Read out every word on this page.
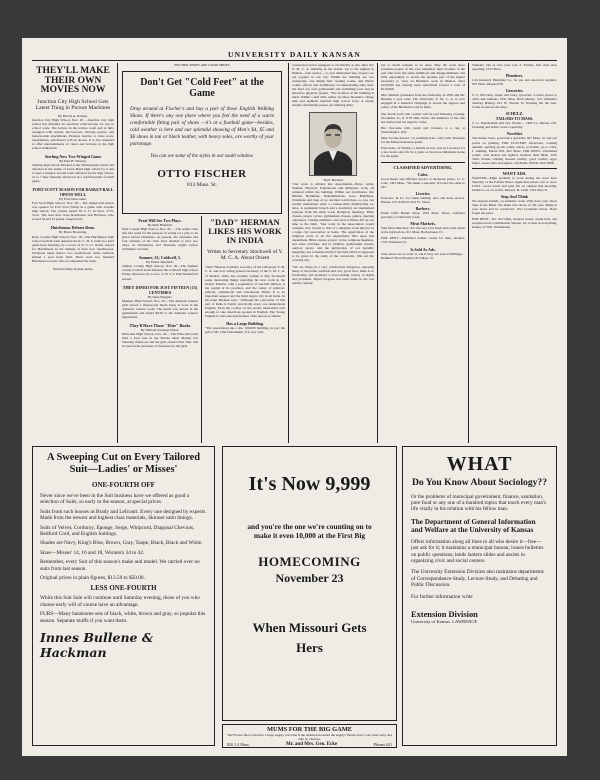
UNIVERSITY DAILY KANSAN
THEY'LL MAKE THEIR OWN MOVIES NOW
Junction City High School Gets Latest Thing in Picture Machines
By Harold A. Rohner.
Junction City High School, Nov. 20 —Junction City high school has installed an excellent reflectoscope for use in school work. The lecture in the lecture room and is fully equipped with textual, microscopic, moving picture, and lantern-slide attachments. Pictures relative to class work, experiments, and history will be shown. It is also intended to offer entertainments of views and lectures in the high school auditorium.
Sterling Now Two-Winged Game
By Paul H. Wiseley.
Sterling high school defeated at the Sterling high school and defeated at the hands of Great Bend high school by 0 and Cooper College's second team defeated Lyons high school, 21 to 7 here Saturday afternoon in a double-header football game.
FORT SCOTT SEASON FOR BASKET-BALL OPENS WELL
By Fred Newcomer.
Fort Scott High School, Nov. 28— The basket-ball season was opened for Fort Scott Friday in a game with Arcadia high school. The contest ended 56 to 17 in favor of Ft. Scott. The lead stars were Roadhouse and Harrison, who scored 32 and 25 points, respectively.
Hutchinson Defeats Reno.
By Bruce Browning.
Reno County High School, Nov. 18—The Hutchinson high school football team defeated the R. C. H. S. team in a hard game here Saturday, by a score of 27 to 17. Roller starred for Hutchinson in the making of their four touchdowns. Workouts made Reno's two touchdowns while Gibbons kicked a goal from field. There were two hundred Hutchinson rooters who accompanied the team.
Send the Daily Kansan home.
FISCHER SHOES ARE GOOD SHOES
Don't Get "Cold Feet" at the Game
Drop around at Fischer's and buy a pair of those English Walking Shoes. If there's any one place where you feel the need of a warm comfortable fitting pair of shoes —it's at a football game—besides, cold weather is here and our splendid showing of Men's $4, $5 and $6 shoes in tan or black leather, with heavy soles, are worthy of your patronage.
You can see some of the styles in our south window.
OTTO FISCHER
813 Mass. St.
Pratt Will See Two Plays.
By Ruth Banfield.
Pratt County High School, Nov. 20. —The senior class met last week for the purpose of voting on a play to be given before Christmas. At present, the chairman and four students of the class have decided to give two plays on Wednesday and Thursday nights before Christmas vacation.
Sumner, 33; Caldwell, 3.
By Esther Diesfeldt.
Sumner County High School, Nov. 20—The Sumner county football team defeated the Caldwell high school Friday afternoon by a score of 33 to 3. Paul Rutherford starred.
THEY DINED FOR JUST FIFTEEN (15) CENTIMES
By Irene Ruggles.
Mankato High School, Nov. 20— The domestic science girls served a fifteen-cent lunch today at noon in the domestic science room. The lunch was served in the gymnasium and netted $9.50 to the domestic science department.
They'll Have Those "Elsie" Books
By William Jennings Weber.
Ellsworth High School, Nov. 20— The Ellsworth Girls held a food sale in the Eureka Meat Market last Saturday afternoon and the girls cleared $10. This will be used in the purchase of literature for the girls.
"DAD" HERMAN LIKES HIS WORK IN INDIA
Writes to Secretary Stockwell of Y. M. C. A. About Orient
"Dad" Herman, formerly secretary of the University Y. M. C. A. and now acting general secretary of the Y. M. C. A. of Madras, India, has recently written to Ray Stockwell some interesting things regarding his new work in the Orient. Madras, with a population of one-half million, is the capital of its province, and the center of political, judicial, commercial and educational affairs. It is an important seaport and the third largest city in all India. In his letter Herman says, "Although the vernacular of this part of India is Tamil, practically every one understands English. Even the coolies on the streets understand well enough to take directions spoken in English. The Young English is well-educated Indians often puts us to shame.
Has a Large Building.
"The Association has a Rs. 100,000 building, in part the gift of Mr. John Wanamaker. It is very well
constructed and is equipped so excellently as any other city Y. M. C. A. building in the Orient. Up to the highest in Madras—four stories —so you understand sky scrapers are not popular in our city. Within the building are two restaurants, one dining hall, reading rooms, and library rooms, offices and dormitories accommodating sixty men. We have our own gymnasium and swimming pool and an attractive physical system. "The location of the building is ideal. Within a half mile radius are three thousand college men and eighteen hundred high school boys. A steady stream of humanity passes our building daily.
"Dad" Herman.
"Our work is divided into departments—Boys, Army, Student, Physical, Educational and Religious work, all centered within the building. Within our dormitories live Hindus, Brahmans, Mohammedans, Jews, Buddhists, Christians and men of no decided convictions, so you can readily understand what a cosmopolitan membership we have. A residential branch and a dormitory are maintained separate from the main work. Religious meetings, Bible classes, prayer cycles, gymnasium classes, games, meeting organizers, visiting members, and such activities fill up our time to the limit. "Our work in the Association would compare very closely to that of a religious work director in a large city association at home. The supervision of the religious work of all the departments falls upon this department. Bible classes, prayer cycles, religious meetings, and other activities, and in addition, gymnasium classes, outdoor sports, and the publication of our monthly magazine, not to mention half of the time which is supposed to be given in the study of the vernacular, fills out my working day.
"We are living in a very comfortable bungalow, enjoying many of the home comforts and very good food. India is so fascinating and promises a never-ending variety of sights and problems. Rapid progress has been made in the last quarter century.
but so much remains to be done. May the work more fortunate people of the west remember their brothers of the east who have the same ambitions and disappointments, but little opportunity to secure the greatest part of the higher necessary to carry on Herman's work in Madras. Over $150,000 has already been subscribed toward a total of $110,000.
Mrs. Herman graduated from the University in 1905 and Mr. Herman a year later. The University Y. M. C. A. is now engaged in a financial campaign to secure the support and salary of the Herman's work in India.
The Jewell Golf club cookies will be told Thursday evening, November 21, at 1155 Ohio Street. All members of the club are invited and are urged to come.
Hot chocolate with cream and crackers, to a cup, at Wiedemann's. Adv.
Miss Lucille Arnold, '13, Ashland, Kan., will come Thursday for the Missouri-Kansas game.
Fred Jacks, of Wichita, a middle ex-law, was in Lawrence for a few hours and left for a game at the Iowa-Oklahoma home for the game.
CLASSIFIED ADVERTISING.
Cafes.
Good meals and efficient service at moderate prices. U. C. Cafe, 1401 Mass. "We make a specialty of board the same to the."
Liveries.
Francisco & Co. for trunk hauling, auto and hack service. Phones 125. 938-912-914 Vt. Street.
Barbers.
Frank Giff's Barber Shop, 1025 Mass. Street. Cafeteria specialty to University trade.
Meat Markets.
Sam Moss Butchery. For the very best fresh and cured meats at the right prices. 911 Mass. Both phones 15.
FOR RENT—Furnished double rooms for men, modern, 1335 Tennessee St.
Is Sold As Ads.
Your shoes are as solid as oak if they are sold at Hellings—Rediker's Shoe Hospital, 815 Mass. St.
Students, bits as save your role. S. Farmer, first class shoe repairing, 1017 Mass.
Plumbers.
Call Kennedy Plumbing Co. for gas and electrical supplies. 937 Mass. Phones 658.
Groceries.
S. S. McCurdy, staple and fancy groceries. Lowest prices to clubs and students. 1091 Mass. Both phones, 312. Gillham's Sanitary Bakery, 612 W. Warren St. Nothing but the best. Come in and see the shop.
SCHULZ.
TAILORS TO MASS.
S. U. Pantatorium and Dry Works— 1409 La. Phones 187. Cleaning and ladies' work a specialty.
Novelties
The Indian Store, postcards a specialty. 927 Mass. St. Get our prices on printing. FOR CUTLERY, silverware, cooking utensils, sporting goods, safety razors, porcelain, go to Chas. J. Ashling. Phone 676, 822 Mass. FOR RENT—Furnished rooms, well heated and lighted, modern. Bell 6940, 1335 Tenn. Parties wishing dressed poultry, good country eggs, butter, sweet cider and apples, call Home 1859 R. Bell 5898.
WANT ADS.
WANTED—Eight students to work during the noon hour Saturday at the Fairfax Hotel. Applicants please call at once. LOST—Gold watch and gold fob on campus this morning. Initials G. O. on watch. Reward. B. 1448. 1323 Ohio St.
Stop And Think
We depend entirely on students' work. Why have your shoes done at the Bijou. We make new shoes of old ones. Bring in your shoes and be convinced. 1011 Louisiana Street. Don't forget the place.
FOR RENT—No. 910 Ohio, modern rooms, steam heat, and reception hall. Combination Sleeper. Up to date in everything. Inquire of Wm. Wiedemann.
A Sweeping Cut on Every Tailored Suit—Ladies' or Misses'
ONE-FOURTH OFF

Never since we've been in the Suit business have we offered as good a selection of Suits, so early in the season, at special prices.

Suits from such houses as Brady and Lefcourt. Every one designed by experts. Made from the newest and highest class materials, Skinner satin linings.

Suits of Velvet, Corduroy, Eponge, Serge, Whipcord, Diagonal Cheviots, Bedford Cord, and English Suitings.

Shades are Navy, King's Blue, Brown, Gray, Taupe, Black, Black and White.

Sizes—Misses' 14, 16 and 18, Women's 34 to 42.

Remember, every Suit of this season's make and model. We carried over no suits from last season.

Original prices in plain figures, $13.50 to $50.00.

LESS ONE-FOURTH

While this Suit Sale will continue until Saturday evening, those of you who choose early will of course have an advantage.

FURS—Many handsome sets of black, white, brown and gray, so popular this season. Separate muffs if you want them.

Innes Bullene & Hackman
It's Now 9,999
and you're the one we're counting on to make it even 10,000 at the First Big
HOMECOMING
November 23
When Missouri Gets
Hers
MUMS FOR THE BIG GAME
The Flower Shop will have a large supply, but what if the demand exceeded the supply? Better place your order early and take no chances.
820 1-2 Mass.	Mr. and Mrs. Geo. Ecke	Phones 621
WHAT
Do You Know About Sociology??
Or the problems of municipal government, finance, sanitation, pure food or any one of a hundred topics that touch every man's life vitally in his relation with his fellow man.
The Department of General Information and Welfare at the University of Kansas
Offers information along all lines to all who desire it—free—just ask for it; it maintains a municipal bureau; issues bulletins on public questions; lends lantern slides and assists in organizing civic and social centers.
The University Extension Division also maintains departments of Correspondence-Study, Lecture-Study, and Debating and Public Discussion.
For further information write
Extension Division
University of Kansas. LAWRENCE
